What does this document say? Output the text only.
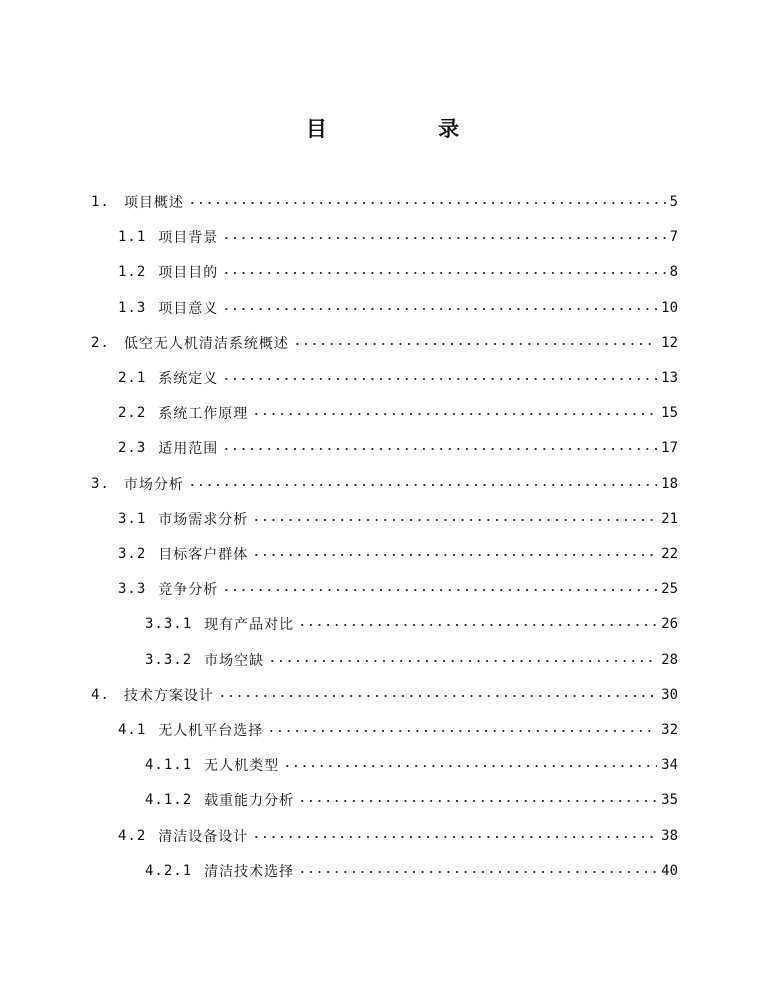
目 录
1. 项目概述	5
1.1 项目背景	7
1.2 项目目的	8
1.3 项目意义	10
2. 低空无人机清洁系统概述	12
2.1 系统定义	13
2.2 系统工作原理	15
2.3 适用范围	17
3. 市场分析	18
3.1 市场需求分析	21
3.2 目标客户群体	22
3.3 竞争分析	25
3.3.1 现有产品对比	26
3.3.2 市场空缺	28
4. 技术方案设计	30
4.1 无人机平台选择	32
4.1.1 无人机类型	34
4.1.2 载重能力分析	35
4.2 清洁设备设计	38
4.2.1 清洁技术选择	40
